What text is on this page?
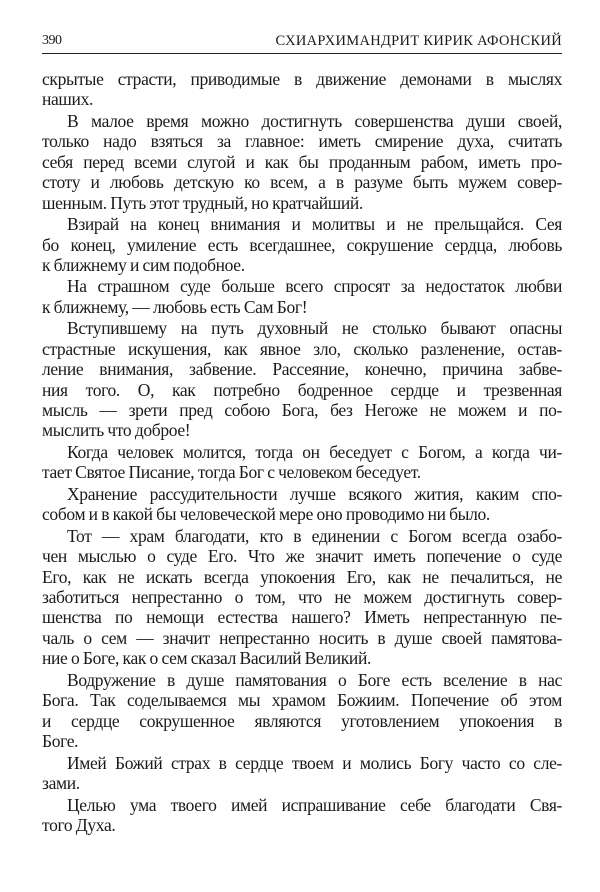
390	СХИАРХИМАНДРИТ КИРИК АФОНСКИЙ
скрытые страсти, приводимые в движение демонами в мыслях
наших.
В малое время можно достигнуть совершенства души своей,
только надо взяться за главное: иметь смирение духа, считать
себя перед всеми слугой и как бы проданным рабом, иметь про-
стоту и любовь детскую ко всем, а в разуме быть мужем совер-
шенным. Путь этот трудный, но кратчайший.
Взирай на конец внимания и молитвы и не прельщайся. Сея
бо конец, умиление есть всегдашнее, сокрушение сердца, любовь
к ближнему и сим подобное.
На страшном суде больше всего спросят за недостаток любви
к ближнему, — любовь есть Сам Бог!
Вступившему на путь духовный не столько бывают опасны
страстные искушения, как явное зло, сколько разленение, остав-
ление внимания, забвение. Рассеяние, конечно, причина забве-
ния того. О, как потребно бодренное сердце и трезвенная
мысль — зрети пред собою Бога, без Негоже не можем и по-
мыслить что доброе!
Когда человек молится, тогда он беседует с Богом, а когда чи-
тает Святое Писание, тогда Бог с человеком беседует.
Хранение рассудительности лучше всякого жития, каким спо-
собом и в какой бы человеческой мере оно проводимо ни было.
Тот — храм благодати, кто в единении с Богом всегда озабо-
чен мыслью о суде Его. Что же значит иметь попечение о суде
Его, как не искать всегда упокоения Его, как не печалиться, не
заботиться непрестанно о том, что не можем достигнуть совер-
шенства по немощи естества нашего? Иметь непрестанную пе-
чаль о сем — значит непрестанно носить в душе своей памятова-
ние о Боге, как о сем сказал Василий Великий.
Водружение в душе памятования о Боге есть вселение в нас
Бога. Так соделываемся мы храмом Божиим. Попечение об этом
и сердце сокрушенное являются уготовлением упокоения в
Боге.
Имей Божий страх в сердце твоем и молись Богу часто со сле-
зами.
Целью ума твоего имей испрашивание себе благодати Свя-
того Духа.
